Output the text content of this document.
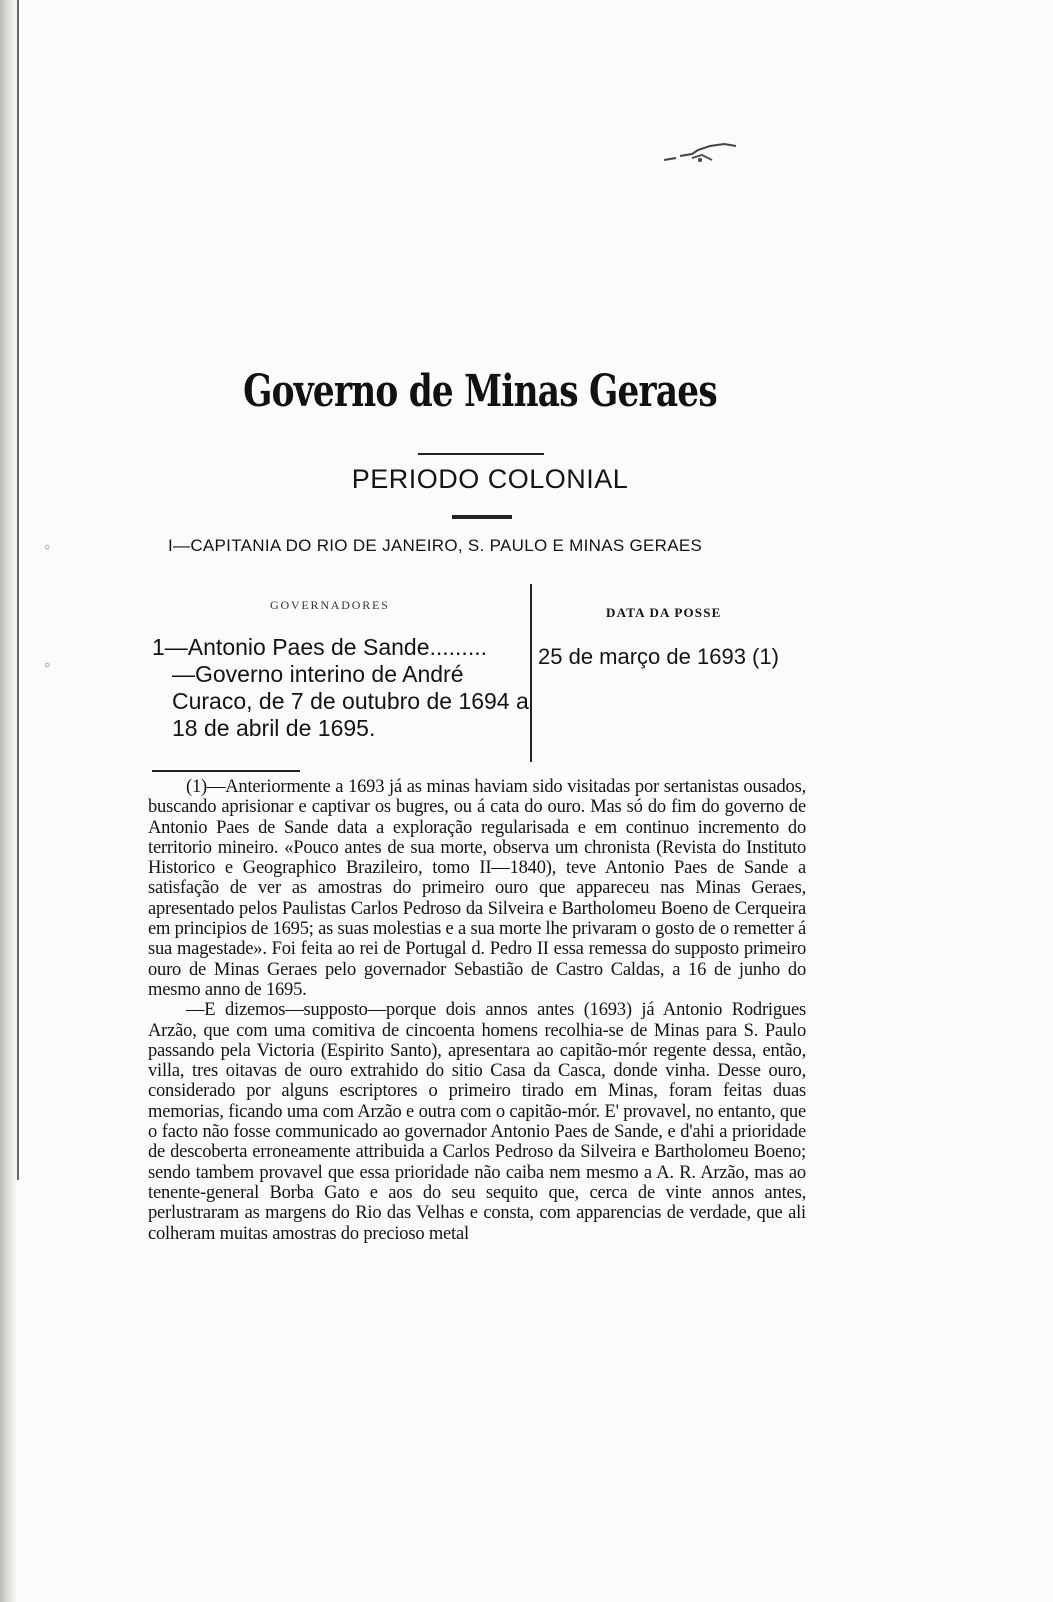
○
○
Governo de Minas Geraes
PERIODO COLONIAL
I—CAPITANIA DO RIO DE JANEIRO, S. PAULO E MINAS GERAES
GOVERNADORES	DATA DA POSSE
1—Antonio Paes de Sande.........
—Governo interino de André Curaco, de 7 de outubro de 1694 a 18 de abril de 1695.
25 de março de 1693 (1)

(1)—Anteriormente a 1693 já as minas haviam sido visitadas por sertanistas ousados, buscando aprisionar e captivar os bugres, ou á cata do ouro. Mas só do fim do governo de Antonio Paes de Sande data a exploração regularisada e em continuo incremento do territorio mineiro. «Pouco antes de sua morte, observa um chronista (Revista do Instituto Historico e Geographico Brazileiro, tomo II—1840), teve Antonio Paes de Sande a satisfação de ver as amostras do primeiro ouro que appareceu nas Minas Geraes, apresentado pelos Paulistas Carlos Pedroso da Silveira e Bartholomeu Boeno de Cerqueira em principios de 1695; as suas molestias e a sua morte lhe privaram o gosto de o remetter á sua magestade». Foi feita ao rei de Portugal d. Pedro II essa remessa do supposto primeiro ouro de Minas Geraes pelo governador Sebastião de Castro Caldas, a 16 de junho do mesmo anno de 1695.

—E dizemos—supposto—porque dois annos antes (1693) já Antonio Rodrigues Arzão, que com uma comitiva de cincoenta homens recolhia-se de Minas para S. Paulo passando pela Victoria (Espirito Santo), apresentara ao capitão-mór regente dessa, então, villa, tres oitavas de ouro extrahido do sitio Casa da Casca, donde vinha. Desse ouro, considerado por alguns escriptores o primeiro tirado em Minas, foram feitas duas memorias, ficando uma com Arzão e outra com o capitão-mór. E' provavel, no entanto, que o facto não fosse communicado ao governador Antonio Paes de Sande, e d'ahi a prioridade de descoberta erroneamente attribuida a Carlos Pedroso da Silveira e Bartholomeu Boeno; sendo tambem provavel que essa prioridade não caiba nem mesmo a A. R. Arzão, mas ao tenente-general Borba Gato e aos do seu sequito que, cerca de vinte annos antes, perlustraram as margens do Rio das Velhas e consta, com apparencias de verdade, que ali colheram muitas amostras do precioso metal
